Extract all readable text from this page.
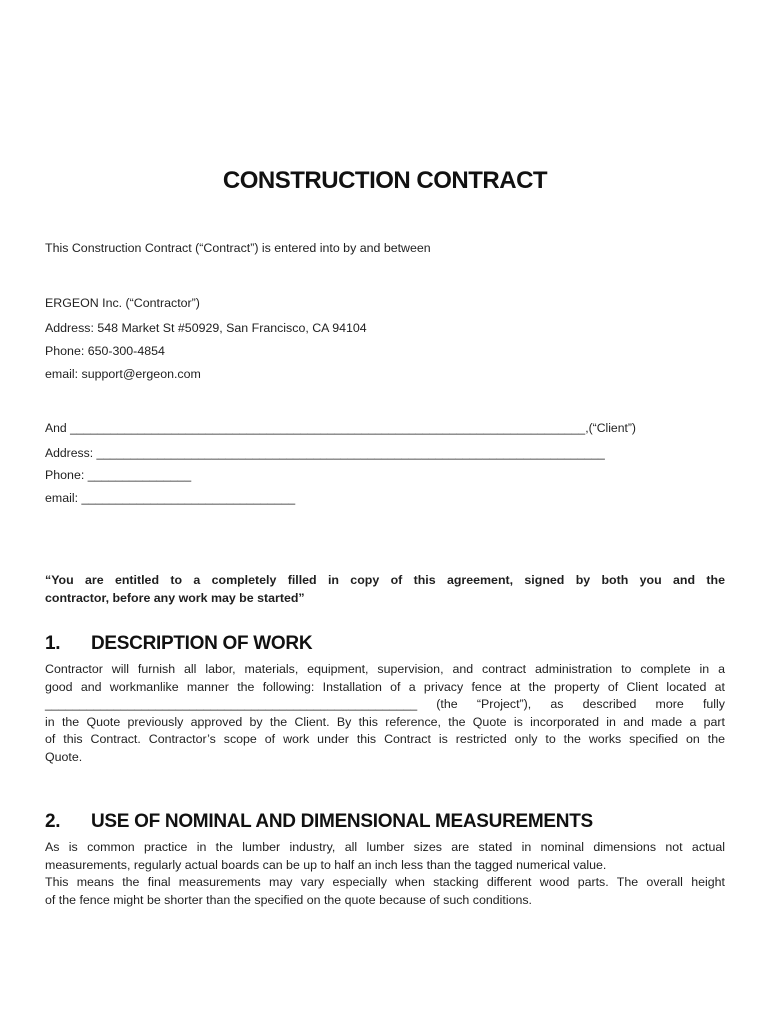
CONSTRUCTION CONTRACT
This Construction Contract (“Contract”) is entered into by and between
ERGEON Inc. (“Contractor”)
Address: 548 Market St #50929, San Francisco, CA 94104
Phone: 650-300-4854
email: support@ergeon.com
And ____________________________________________________________________________,(“Client”)
Address: ___________________________________________________________________________
Phone: _______________
email: _______________________________
“You are entitled to a completely filled in copy of this agreement, signed by both you and the
contractor, before any work may be started”
1. DESCRIPTION OF WORK
Contractor will furnish all labor, materials, equipment, supervision, and contract administration to complete in a
good and workmanlike manner the following: Installation of a privacy fence at the property of Client located at
______________________________________________________ (the “Project”), as described more fully
in the Quote previously approved by the Client. By this reference, the Quote is incorporated in and made a part
of this Contract. Contractor’s scope of work under this Contract is restricted only to the works specified on the
Quote.
2. USE OF NOMINAL AND DIMENSIONAL MEASUREMENTS
As is common practice in the lumber industry, all lumber sizes are stated in nominal dimensions not actual
measurements, regularly actual boards can be up to half an inch less than the tagged numerical value.
This means the final measurements may vary especially when stacking different wood parts. The overall height
of the fence might be shorter than the specified on the quote because of such conditions.
